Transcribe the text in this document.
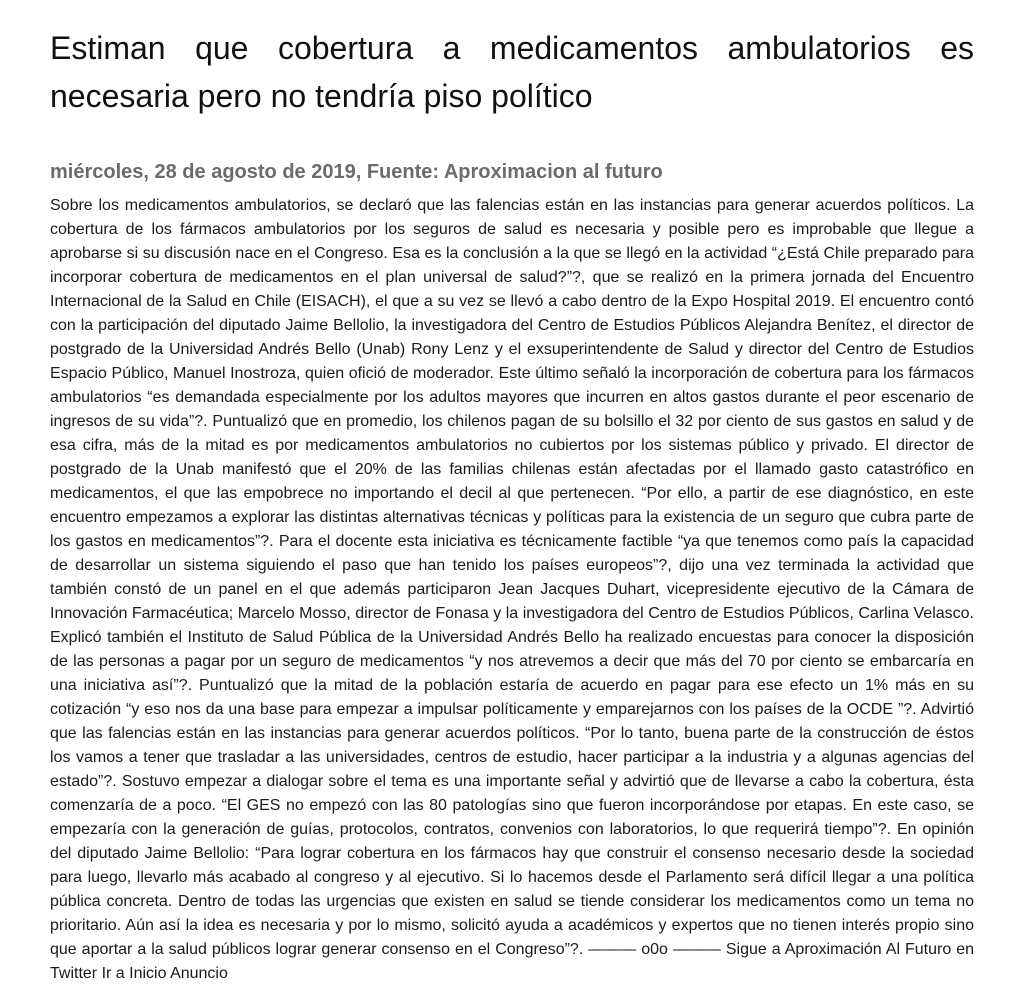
Estiman que cobertura a medicamentos ambulatorios es necesaria pero no tendría piso político
miércoles, 28 de agosto de 2019, Fuente: Aproximacion al futuro

Sobre los medicamentos ambulatorios, se declaró que las falencias están en las instancias para generar acuerdos políticos. La cobertura de los fármacos ambulatorios por los seguros de salud es necesaria y posible pero es improbable que llegue a aprobarse si su discusión nace en el Congreso. Esa es la conclusión a la que se llegó en la actividad “¿Está Chile preparado para incorporar cobertura de medicamentos en el plan universal de salud?”?, que se realizó en la primera jornada del Encuentro Internacional de la Salud en Chile (EISACH), el que a su vez se llevó a cabo dentro de la Expo Hospital 2019. El encuentro contó con la participación del diputado Jaime Bellolio, la investigadora del Centro de Estudios Públicos Alejandra Benítez, el director de postgrado de la Universidad Andrés Bello (Unab) Rony Lenz y el exsuperintendente de Salud y director del Centro de Estudios Espacio Público, Manuel Inostroza, quien ofició de moderador. Este último señaló la incorporación de cobertura para los fármacos ambulatorios “es demandada especialmente por los adultos mayores que incurren en altos gastos durante el peor escenario de ingresos de su vida”?. Puntualizó que en promedio, los chilenos pagan de su bolsillo el 32 por ciento de sus gastos en salud y de esa cifra, más de la mitad es por medicamentos ambulatorios no cubiertos por los sistemas público y privado. El director de postgrado de la Unab manifestó que el 20% de las familias chilenas están afectadas por el llamado gasto catastrófico en medicamentos, el que las empobrece no importando el decil al que pertenecen. “Por ello, a partir de ese diagnóstico, en este encuentro empezamos a explorar las distintas alternativas técnicas y políticas para la existencia de un seguro que cubra parte de los gastos en medicamentos”?. Para el docente esta iniciativa es técnicamente factible “ya que tenemos como país la capacidad de desarrollar un sistema siguiendo el paso que han tenido los países europeos”?, dijo una vez terminada la actividad que también constó de un panel en el que además participaron Jean Jacques Duhart, vicepresidente ejecutivo de la Cámara de Innovación Farmacéutica; Marcelo Mosso, director de Fonasa y la investigadora del Centro de Estudios Públicos, Carlina Velasco. Explicó también el Instituto de Salud Pública de la Universidad Andrés Bello ha realizado encuestas para conocer la disposición de las personas a pagar por un seguro de medicamentos “y nos atrevemos a decir que más del 70 por ciento se embarcaría en una iniciativa así”?. Puntualizó que la mitad de la población estaría de acuerdo en pagar para ese efecto un 1% más en su cotización “y eso nos da una base para empezar a impulsar políticamente y emparejarnos con los países de la OCDE ”?. Advirtió que las falencias están en las instancias para generar acuerdos políticos. “Por lo tanto, buena parte de la construcción de éstos los vamos a tener que trasladar a las universidades, centros de estudio, hacer participar a la industria y a algunas agencias del estado”?. Sostuvo empezar a dialogar sobre el tema es una importante señal y advirtió que de llevarse a cabo la cobertura, ésta comenzaría de a poco. “El GES no empezó con las 80 patologías sino que fueron incorporándose por etapas. En este caso, se empezaría con la generación de guías, protocolos, contratos, convenios con laboratorios, lo que requerirá tiempo”?. En opinión del diputado Jaime Bellolio: “Para lograr cobertura en los fármacos hay que construir el consenso necesario desde la sociedad para luego, llevarlo más acabado al congreso y al ejecutivo. Si lo hacemos desde el Parlamento será difícil llegar a una política pública concreta. Dentro de todas las urgencias que existen en salud se tiende considerar los medicamentos como un tema no prioritario. Aún así la idea es necesaria y por lo mismo, solicitó ayuda a académicos y expertos que no tienen interés propio sino que aportar a la salud públicos lograr generar consenso en el Congreso”?. ——— o0o ——— Sigue a Aproximación Al Futuro en Twitter Ir a Inicio Anuncio
